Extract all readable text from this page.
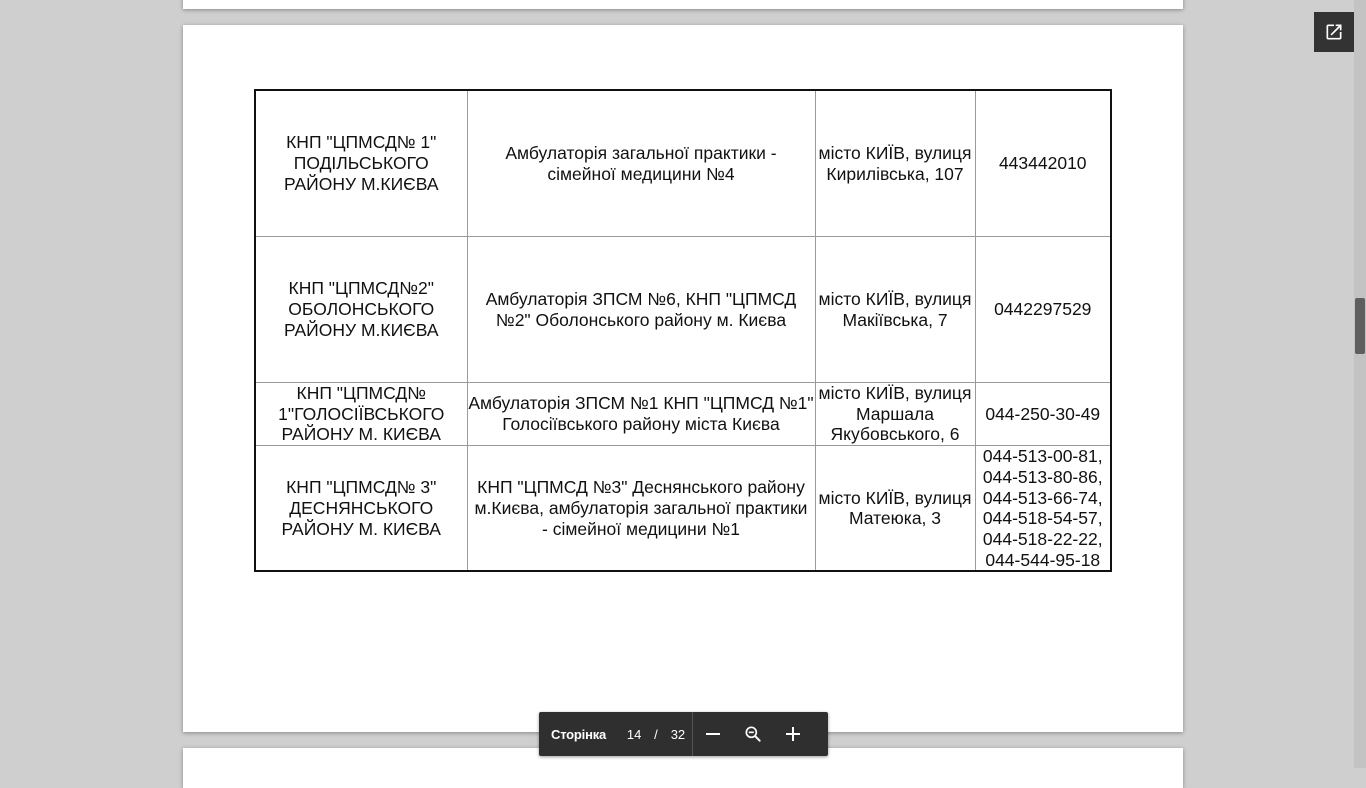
КНП "ЦПМСД№ 1" ПОДІЛЬСЬКОГО РАЙОНУ М.КИЄВА	Амбулаторія загальної практики - сімейної медицини №4	місто КИЇВ, вулиця Кирилівська, 107	443442010
КНП "ЦПМСД№2" ОБОЛОНСЬКОГО РАЙОНУ М.КИЄВА	Амбулаторія ЗПСМ №6, КНП "ЦПМСД №2" Оболонського району м. Києва	місто КИЇВ, вулиця Макіївська, 7	0442297529
КНП "ЦПМСД№ 1"ГОЛОСІЇВСЬКОГО РАЙОНУ М. КИЄВА	Амбулаторія ЗПСМ №1 КНП "ЦПМСД №1" Голосіївського району міста Києва	місто КИЇВ, вулиця Маршала Якубовського, 6	044-250-30-49
КНП "ЦПМСД№ 3" ДЕСНЯНСЬКОГО РАЙОНУ М. КИЄВА	КНП "ЦПМСД №3" Деснянського району м.Києва, амбулаторія загальної практики - сімейної медицини №1	місто КИЇВ, вулиця Матеюка, 3	044-513-00-81, 044-513-80-86, 044-513-66-74, 044-518-54-57, 044-518-22-22, 044-544-95-18
Сторінка 14 / 32
